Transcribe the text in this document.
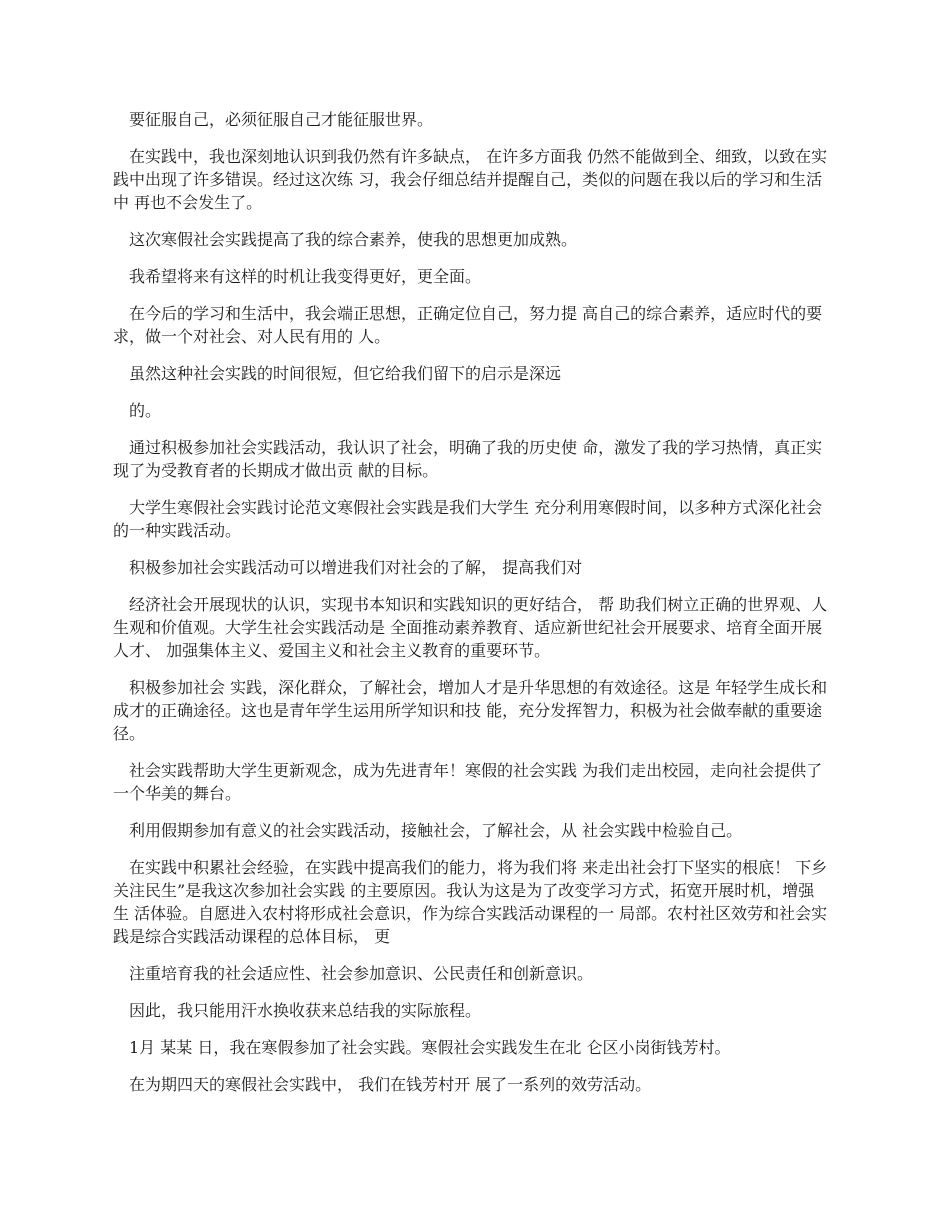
要征服自己，必须征服自己才能征服世界。

在实践中，我也深刻地认识到我仍然有许多缺点， 在许多方面我 仍然不能做到全、细致，以致在实践中出现了许多错误。经过这次练 习，我会仔细总结并提醒自己，类似的问题在我以后的学习和生活中 再也不会发生了。

这次寒假社会实践提高了我的综合素养，使我的思想更加成熟。

我希望将来有这样的时机让我变得更好，更全面。

在今后的学习和生活中，我会端正思想，正确定位自己，努力提 高自己的综合素养，适应时代的要求，做一个对社会、对人民有用的 人。

虽然这种社会实践的时间很短，但它给我们留下的启示是深远

的。

通过积极参加社会实践活动，我认识了社会，明确了我的历史使 命，激发了我的学习热情，真正实现了为受教育者的长期成才做出贡 献的目标。

大学生寒假社会实践讨论范文寒假社会实践是我们大学生 充分利用寒假时间，以多种方式深化社会的一种实践活动。

积极参加社会实践活动可以增进我们对社会的了解， 提高我们对

经济社会开展现状的认识，实现书本知识和实践知识的更好结合， 帮 助我们树立正确的世界观、人生观和价值观。大学生社会实践活动是 全面推动素养教育、适应新世纪社会开展要求、培育全面开展人才、 加强集体主义、爱国主义和社会主义教育的重要环节。

积极参加社会 实践，深化群众，了解社会，增加人才是升华思想的有效途径。这是 年轻学生成长和成才的正确途径。这也是青年学生运用所学知识和技 能，充分发挥智力，积极为社会做奉献的重要途径。

社会实践帮助大学生更新观念，成为先进青年！寒假的社会实践 为我们走出校园，走向社会提供了一个华美的舞台。

利用假期参加有意义的社会实践活动，接触社会，了解社会，从 社会实践中检验自己。

在实践中积累社会经验，在实践中提高我们的能力，将为我们将 来走出社会打下坚实的根底！ 下乡关注民生”是我这次参加社会实践 的主要原因。我认为这是为了改变学习方式，拓宽开展时机，增强生 活体验。自愿进入农村将形成社会意识，作为综合实践活动课程的一 局部。农村社区效劳和社会实践是综合实践活动课程的总体目标， 更

注重培育我的社会适应性、社会参加意识、公民责任和创新意识。

因此，我只能用汗水换收获来总结我的实际旅程。

1月 某某 日，我在寒假参加了社会实践。寒假社会实践发生在北 仑区小岗街钱芳村。

在为期四天的寒假社会实践中， 我们在钱芳村开 展了一系列的效劳活动。
